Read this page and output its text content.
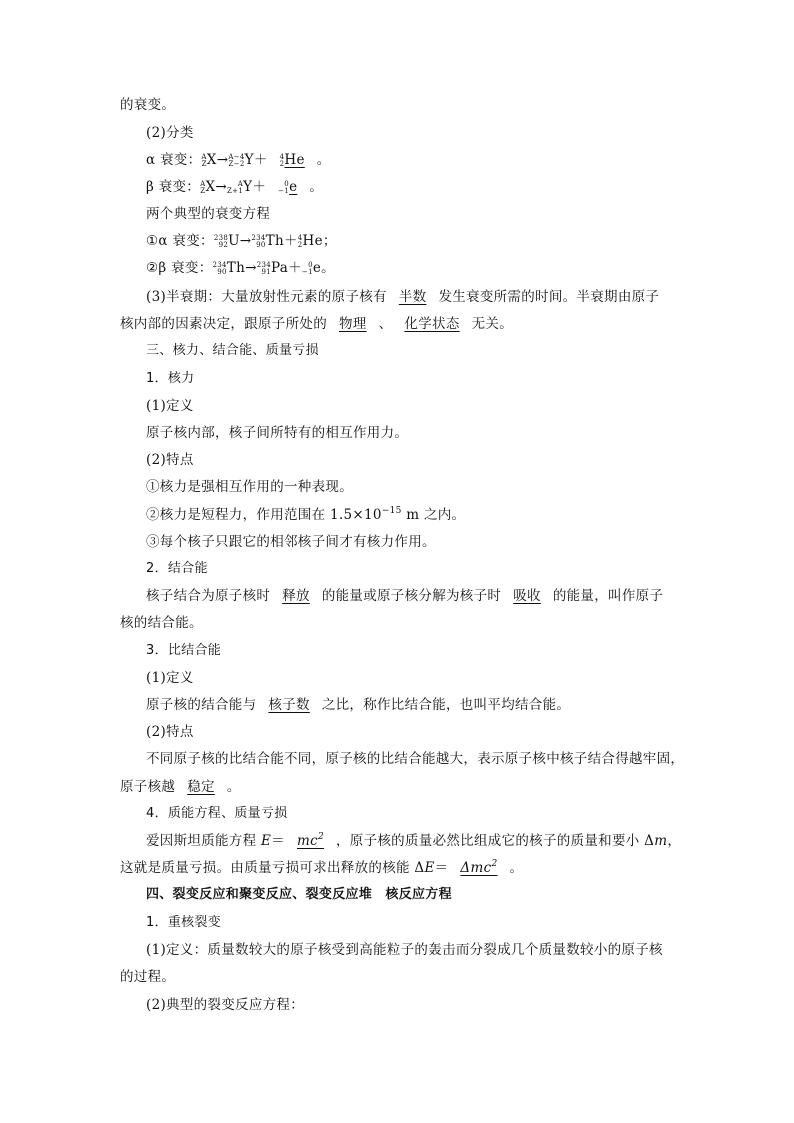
的衰变。
(2)分类
α 衰变： A
Z X→ A−4
Z−2 Y＋ 4
2 He 。
β 衰变： A
Z X→	A
Z+1 Y＋	0
−1 e 。
两个典型的衰变方程
①α 衰变： 238
92 U→ 234
90 Th＋ 4
2 He；
②β 衰变： 234
90 Th→ 234
91 Pa＋ 0
−1 e。
(3)半衰期：大量放射性元素的原子核有 半数 发生衰变所需的时间。半衰期由原子
核内部的因素决定，跟原子所处的 物理 、 化学状态 无关。
三、核力、结合能、质量亏损
1．核力
(1)定义
原子核内部，核子间所特有的相互作用力。
(2)特点
①核力是强相互作用的一种表现。
②核力是短程力，作用范围在 $1.5\times 10^{-15}$ m 之内。
③每个核子只跟它的相邻核子间才有核力作用。
2．结合能
核子结合为原子核时 释放 的能量或原子核分解为核子时 吸收 的能量，叫作原子
核的结合能。
3．比结合能
(1)定义
原子核的结合能与 核子数 之比，称作比结合能，也叫平均结合能。
(2)特点
不同原子核的比结合能不同，原子核的比结合能越大，表示原子核中核子结合得越牢固，
原子核越 稳定 。
4．质能方程、质量亏损
爱因斯坦质能方程 $E= mc^2$ ，原子核的质量必然比组成它的核子的质量和要小 Δm，
这就是质量亏损。由质量亏损可求出释放的核能 ΔE＝ Δmc$^2$ 。
四、裂变反应和聚变反应、裂变反应堆　核反应方程
1．重核裂变
(1)定义：质量数较大的原子核受到高能粒子的轰击而分裂成几个质量数较小的原子核
的过程。
(2)典型的裂变反应方程：
